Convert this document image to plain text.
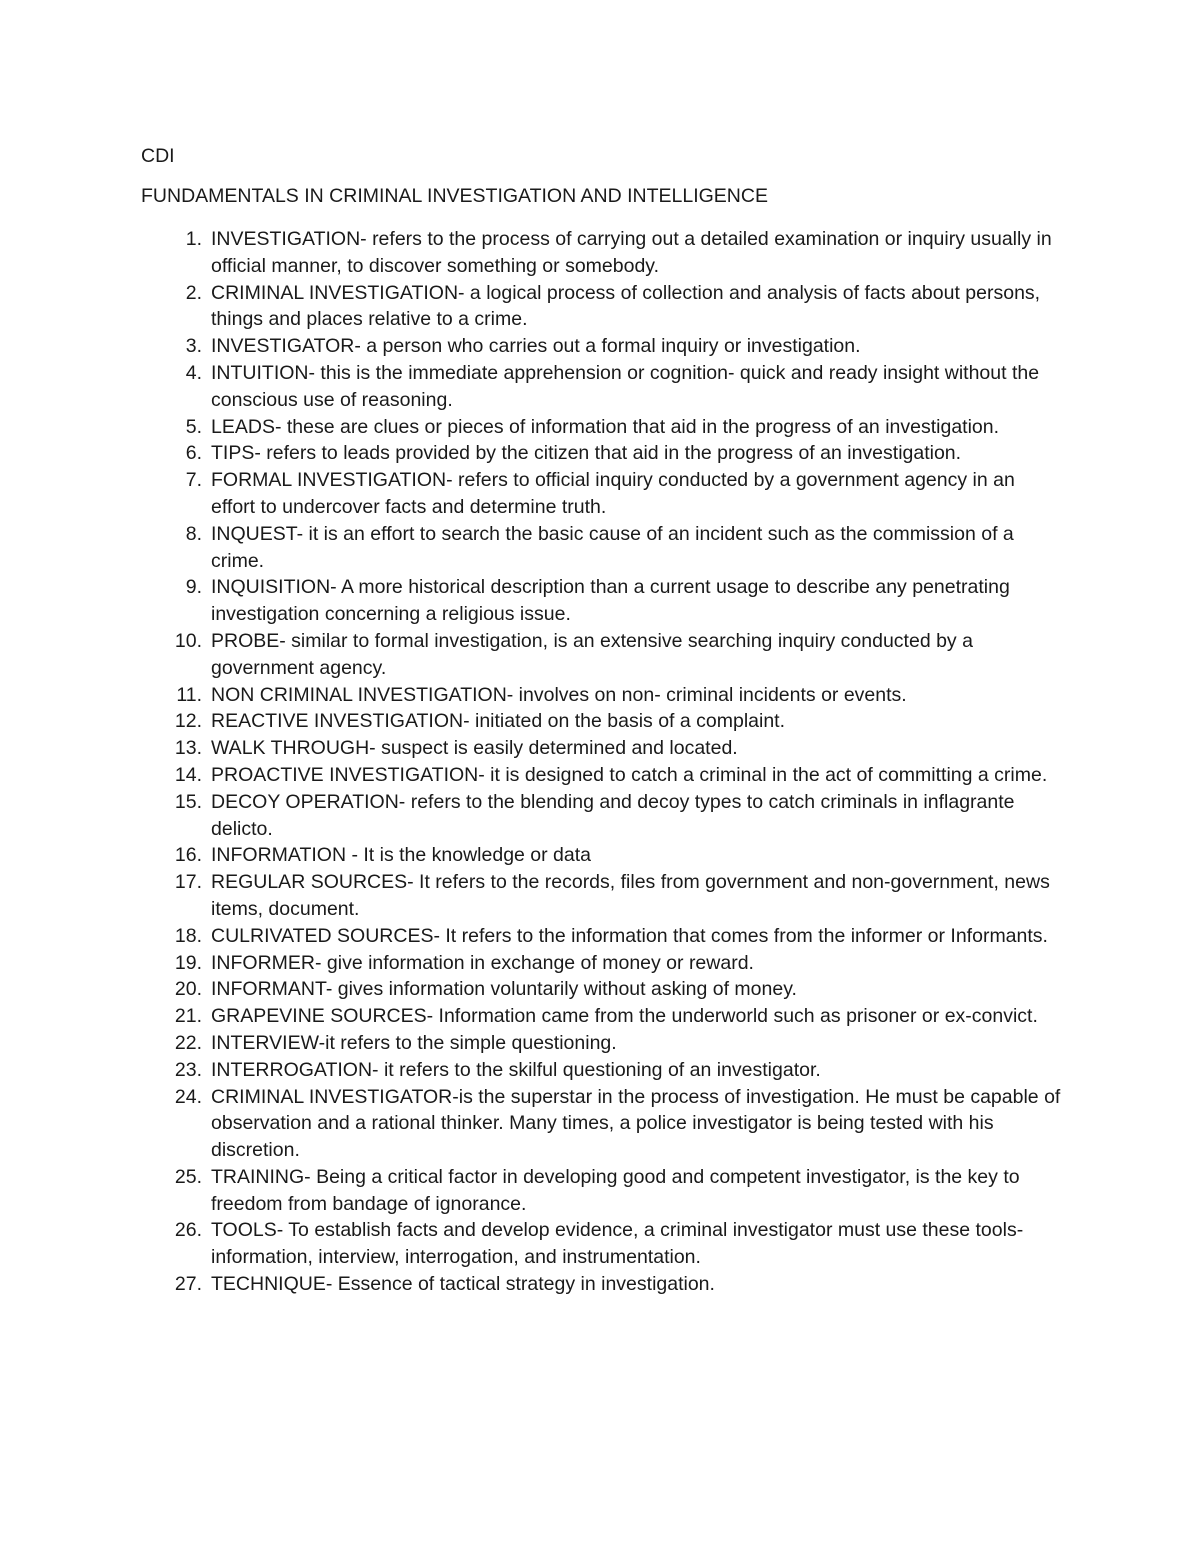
CDI

FUNDAMENTALS IN CRIMINAL INVESTIGATION AND INTELLIGENCE
1. INVESTIGATION- refers to the process of carrying out a detailed examination or inquiry usually in official manner, to discover something or somebody.
2. CRIMINAL INVESTIGATION- a logical process of collection and analysis of facts about persons, things and places relative to a crime.
3. INVESTIGATOR- a person who carries out a formal inquiry or investigation.
4. INTUITION- this is the immediate apprehension or cognition- quick and ready insight without the conscious use of reasoning.
5. LEADS- these are clues or pieces of information that aid in the progress of an investigation.
6. TIPS- refers to leads provided by the citizen that aid in the progress of an investigation.
7. FORMAL INVESTIGATION- refers to official inquiry conducted by a government agency in an effort to undercover facts and determine truth.
8. INQUEST- it is an effort to search the basic cause of an incident such as the commission of a crime.
9. INQUISITION- A more historical description than a current usage to describe any penetrating investigation concerning a religious issue.
10. PROBE- similar to formal investigation, is an extensive searching inquiry conducted by a government agency.
11. NON CRIMINAL INVESTIGATION- involves on non- criminal incidents or events.
12. REACTIVE INVESTIGATION- initiated on the basis of a complaint.
13. WALK THROUGH- suspect is easily determined and located.
14. PROACTIVE INVESTIGATION- it is designed to catch a criminal in the act of committing a crime.
15. DECOY OPERATION- refers to the blending and decoy types to catch criminals in inflagrante delicto.
16. INFORMATION - It is the knowledge or data
17. REGULAR SOURCES- It refers to the records, files from government and non-government, news items, document.
18. CULRIVATED SOURCES- It refers to the information that comes from the informer or Informants.
19. INFORMER- give information in exchange of money or reward.
20. INFORMANT- gives information voluntarily without asking of money.
21. GRAPEVINE SOURCES- Information came from the underworld such as prisoner or ex-convict.
22. INTERVIEW-it refers to the simple questioning.
23. INTERROGATION- it refers to the skilful questioning of an investigator.
24. CRIMINAL INVESTIGATOR-is the superstar in the process of investigation. He must be capable of observation and a rational thinker. Many times, a police investigator is being tested with his discretion.
25. TRAINING- Being a critical factor in developing good and competent investigator, is the key to freedom from bandage of ignorance.
26. TOOLS- To establish facts and develop evidence, a criminal investigator must use these tools-information, interview, interrogation, and instrumentation.
27. TECHNIQUE- Essence of tactical strategy in investigation.
